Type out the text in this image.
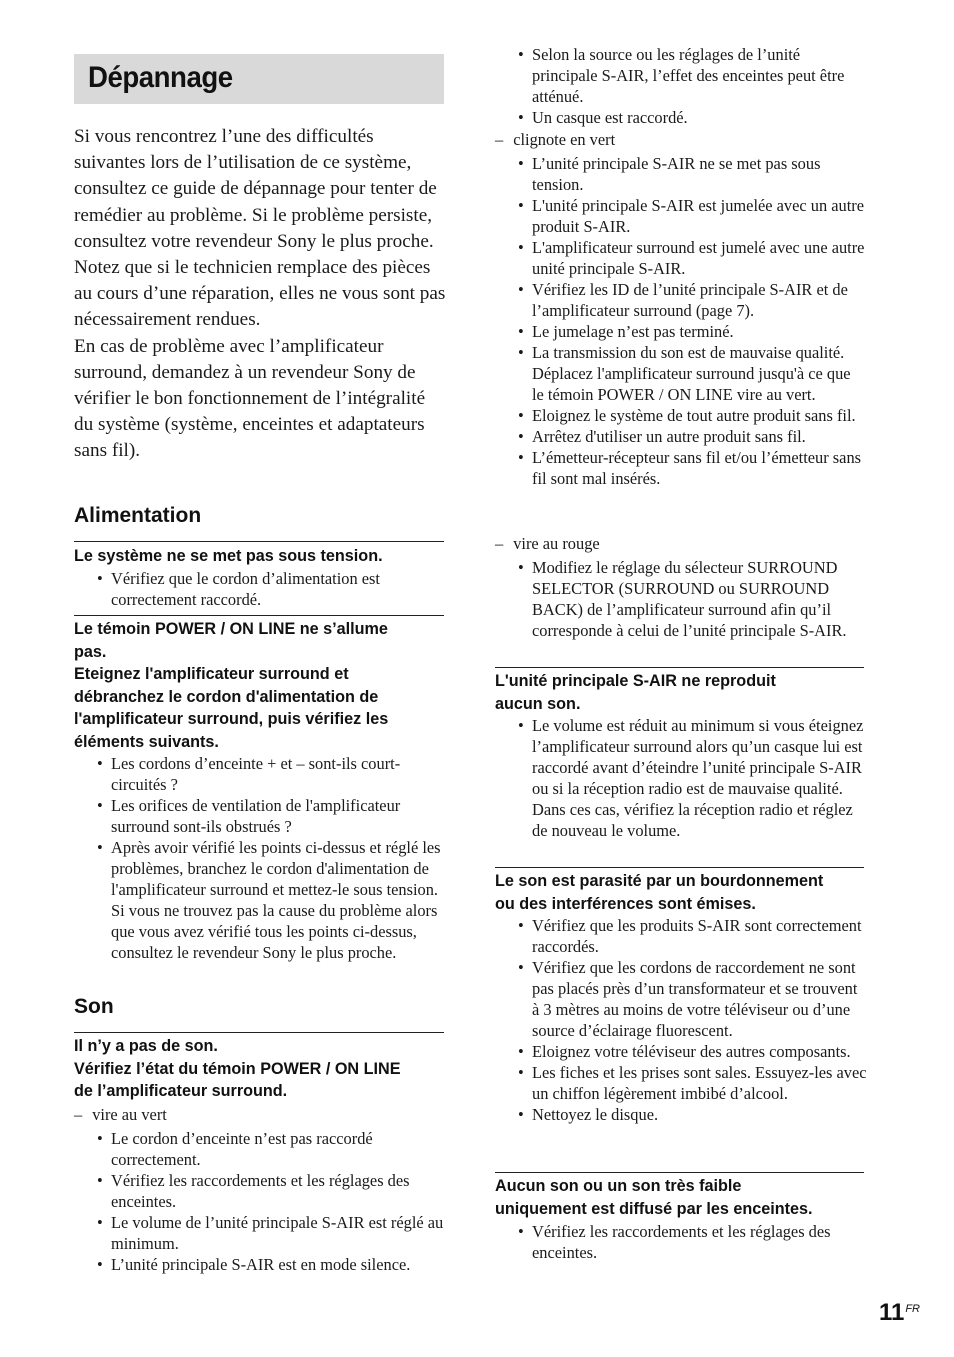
Dépannage

Si vous rencontrez l’une des difficultés suivantes lors de l’utilisation de ce système, consultez ce guide de dépannage pour tenter de remédier au problème. Si le problème persiste, consultez votre revendeur Sony le plus proche.

Notez que si le technicien remplace des pièces au cours d’une réparation, elles ne vous sont pas nécessairement rendues.

En cas de problème avec l’amplificateur surround, demandez à un revendeur Sony de vérifier le bon fonctionnement de l’intégralité du système (système, enceintes et adaptateurs sans fil).

Alimentation
Le système ne se met pas sous tension.
• Vérifiez que le cordon d’alimentation est correctement raccordé.
Le témoin POWER / ON LINE ne s’allume
pas.
Eteignez l'amplificateur surround et
débranchez le cordon d'alimentation de
l'amplificateur surround, puis vérifiez les
éléments suivants.
• Les cordons d’enceinte + et – sont-ils court-circuités ?
• Les orifices de ventilation de l'amplificateur surround sont-ils obstrués ?
• Après avoir vérifié les points ci-dessus et réglé les problèmes, branchez le cordon d'alimentation de l'amplificateur surround et mettez-le sous tension. Si vous ne trouvez pas la cause du problème alors que vous avez vérifié tous les points ci-dessus, consultez le revendeur Sony le plus proche.
Son
Il n’y a pas de son.
Vérifiez l’état du témoin POWER / ON LINE
de l’amplificateur surround.
– vire au vert
• Le cordon d’enceinte n’est pas raccordé correctement.
• Vérifiez les raccordements et les réglages des enceintes.
• Le volume de l’unité principale S-AIR est réglé au minimum.
• L’unité principale S-AIR est en mode silence.
• Selon la source ou les réglages de l’unité principale S-AIR, l’effet des enceintes peut être atténué.
• Un casque est raccordé.
– clignote en vert
• L’unité principale S-AIR ne se met pas sous tension.
• L'unité principale S-AIR est jumelée avec un autre produit S-AIR.
• L'amplificateur surround est jumelé avec une autre unité principale S-AIR.
• Vérifiez les ID de l’unité principale S-AIR et de l’amplificateur surround (page 7).
• Le jumelage n’est pas terminé.
• La transmission du son est de mauvaise qualité. Déplacez l'amplificateur surround jusqu'à ce que le témoin POWER / ON LINE vire au vert.
• Eloignez le système de tout autre produit sans fil.
• Arrêtez d'utiliser un autre produit sans fil.
• L’émetteur-récepteur sans fil et/ou l’émetteur sans fil sont mal insérés.
– vire au rouge
• Modifiez le réglage du sélecteur SURROUND SELECTOR (SURROUND ou SURROUND BACK) de l’amplificateur surround afin qu’il corresponde à celui de l’unité principale S-AIR.
L'unité principale S-AIR ne reproduit
aucun son.
• Le volume est réduit au minimum si vous éteignez l’amplificateur surround alors qu’un casque lui est raccordé avant d’éteindre l’unité principale S-AIR ou si la réception radio est de mauvaise qualité. Dans ces cas, vérifiez la réception radio et réglez de nouveau le volume.
Le son est parasité par un bourdonnement
ou des interférences sont émises.
• Vérifiez que les produits S-AIR sont correctement raccordés.
• Vérifiez que les cordons de raccordement ne sont pas placés près d’un transformateur et se trouvent à 3 mètres au moins de votre téléviseur ou d’une source d’éclairage fluorescent.
• Eloignez votre téléviseur des autres composants.
• Les fiches et les prises sont sales. Essuyez-les avec un chiffon légèrement imbibé d’alcool.
• Nettoyez le disque.
Aucun son ou un son très faible
uniquement est diffusé par les enceintes.
• Vérifiez les raccordements et les réglages des enceintes.
$11^{FR}$
